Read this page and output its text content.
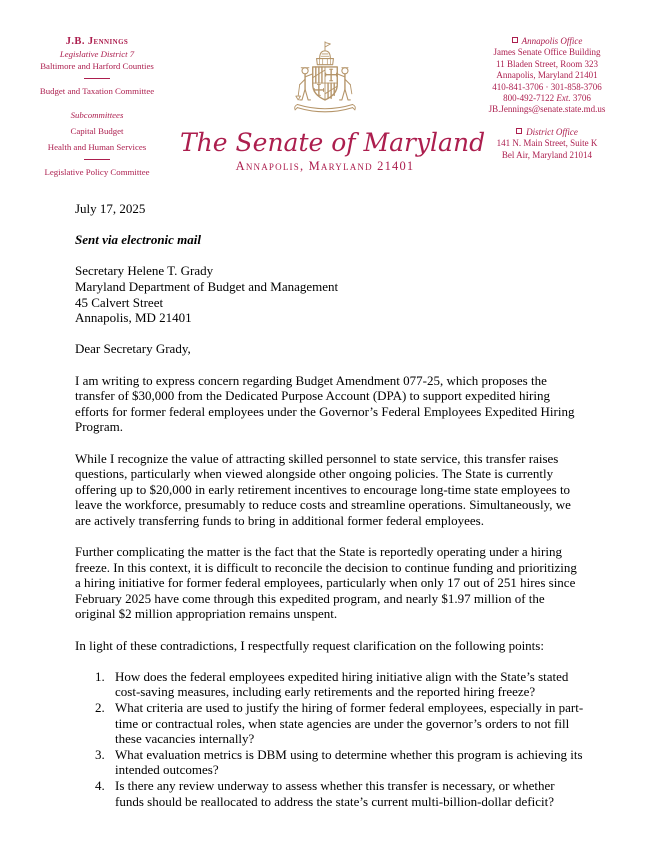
J.B. Jennings
Legislative District 7
Baltimore and Harford Counties
Budget and Taxation Committee
Subcommittees
Capital Budget
Health and Human Services
Legislative Policy Committee
The Senate of Maryland
Annapolis, Maryland 21401
Annapolis Office
James Senate Office Building
11 Bladen Street, Room 323
Annapolis, Maryland 21401
410-841-3706 · 301-858-3706
800-492-7122 Ext. 3706
JB.Jennings@senate.state.md.us
District Office
141 N. Main Street, Suite K
Bel Air, Maryland 21014
July 17, 2025
Sent via electronic mail
Secretary Helene T. Grady
Maryland Department of Budget and Management
45 Calvert Street
Annapolis, MD 21401
Dear Secretary Grady,

I am writing to express concern regarding Budget Amendment 077-25, which proposes the transfer of $30,000 from the Dedicated Purpose Account (DPA) to support expedited hiring efforts for former federal employees under the Governor’s Federal Employees Expedited Hiring Program.

While I recognize the value of attracting skilled personnel to state service, this transfer raises questions, particularly when viewed alongside other ongoing policies. The State is currently offering up to $20,000 in early retirement incentives to encourage long-time state employees to leave the workforce, presumably to reduce costs and streamline operations. Simultaneously, we are actively transferring funds to bring in additional former federal employees.

Further complicating the matter is the fact that the State is reportedly operating under a hiring freeze. In this context, it is difficult to reconcile the decision to continue funding and prioritizing a hiring initiative for former federal employees, particularly when only 17 out of 251 hires since February 2025 have come through this expedited program, and nearly $1.97 million of the original $2 million appropriation remains unspent.

In light of these contradictions, I respectfully request clarification on the following points:

1. How does the federal employees expedited hiring initiative align with the State’s stated cost-saving measures, including early retirements and the reported hiring freeze?
2. What criteria are used to justify the hiring of former federal employees, especially in part-time or contractual roles, when state agencies are under the governor’s orders to not fill these vacancies internally?
3. What evaluation metrics is DBM using to determine whether this program is achieving its intended outcomes?
4. Is there any review underway to assess whether this transfer is necessary, or whether funds should be reallocated to address the state’s current multi-billion-dollar deficit?
